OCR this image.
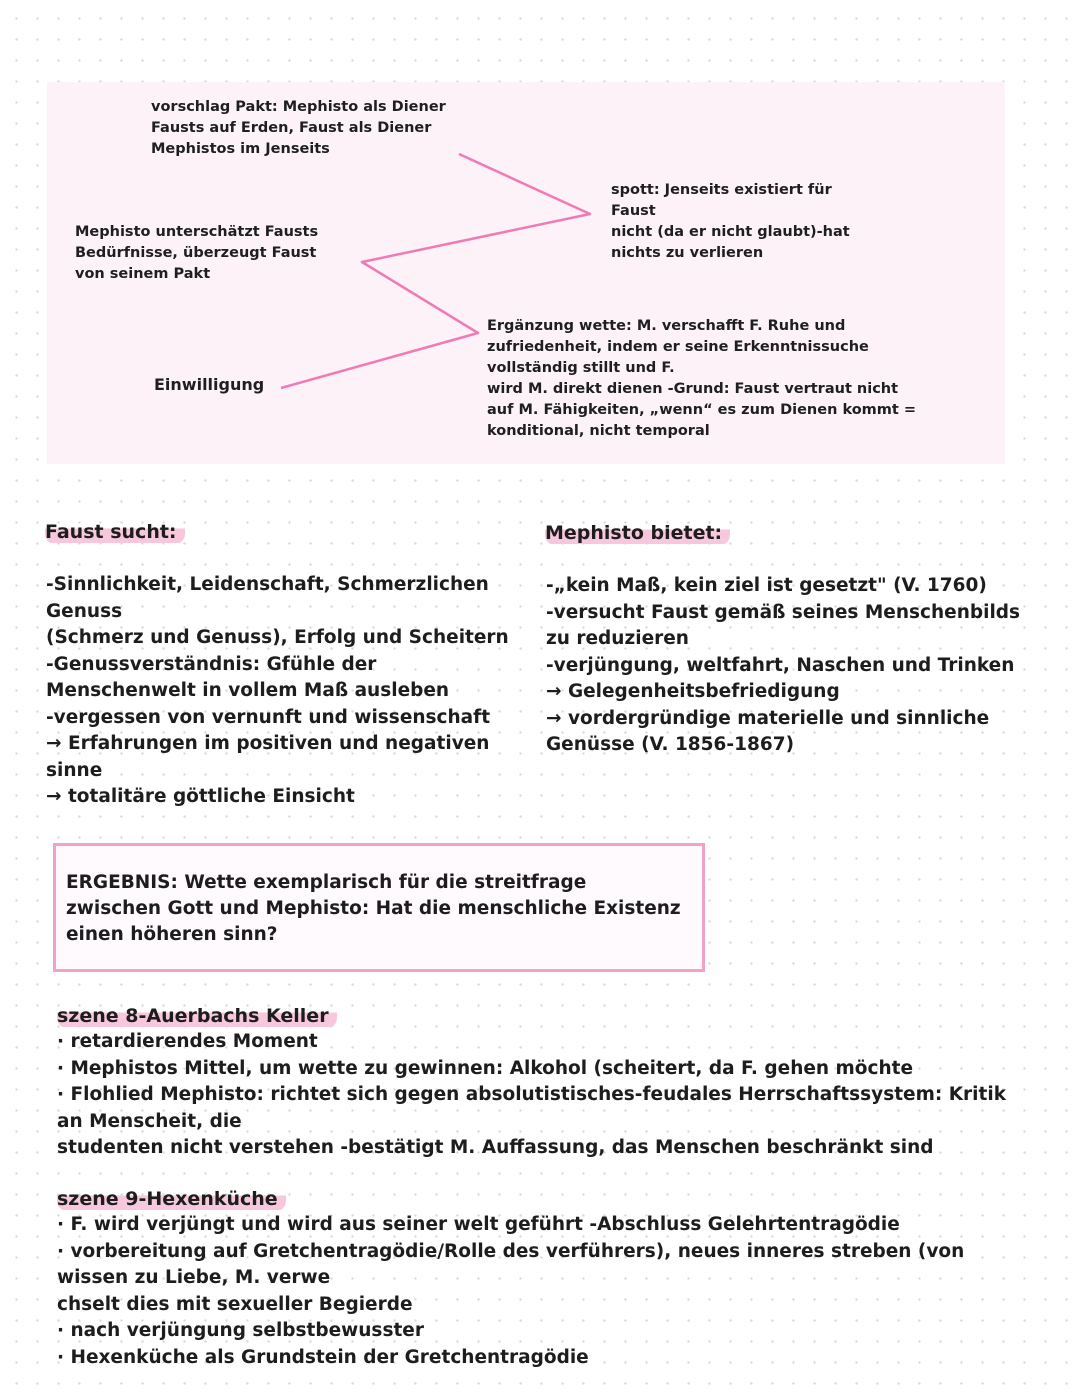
vorschlag Pakt: Mephisto als Diener
Fausts auf Erden, Faust als Diener
Mephistos im Jenseits
spott: Jenseits existiert für
Faust
nicht (da er nicht glaubt)-hat
nichts zu verlieren
Mephisto unterschätzt Fausts
Bedürfnisse, überzeugt Faust
von seinem Pakt
Ergänzung wette: M. verschafft F. Ruhe und
zufriedenheit, indem er seine Erkenntnissuche
vollständig stillt und F.
wird M. direkt dienen -Grund: Faust vertraut nicht
auf M. Fähigkeiten, „wenn“ es zum Dienen kommt =
konditional, nicht temporal
Einwilligung
Faust sucht:
-Sinnlichkeit, Leidenschaft, Schmerzlichen
Genuss
(Schmerz und Genuss), Erfolg und Scheitern
-Genussverständnis: Gfühle der
Menschenwelt in vollem Maß ausleben
-vergessen von vernunft und wissenschaft
→ Erfahrungen im positiven und negativen
sinne
→ totalitäre göttliche Einsicht
Mephisto bietet:
-„kein Maß, kein ziel ist gesetzt" (V. 1760)
-versucht Faust gemäß seines Menschenbilds
zu reduzieren
-verjüngung, weltfahrt, Naschen und Trinken
→ Gelegenheitsbefriedigung
→ vordergründige materielle und sinnliche
Genüsse (V. 1856-1867)
ERGEBNIS: Wette exemplarisch für die streitfrage
zwischen Gott und Mephisto: Hat die menschliche Existenz
einen höheren sinn?
szene 8-Auerbachs Keller
· retardierendes Moment
· Mephistos Mittel, um wette zu gewinnen: Alkohol (scheitert, da F. gehen möchte
· Flohlied Mephisto: richtet sich gegen absolutistisches-feudales Herrschaftssystem: Kritik
an Menscheit, die
studenten nicht verstehen -bestätigt M. Auffassung, das Menschen beschränkt sind
szene 9-Hexenküche
· F. wird verjüngt und wird aus seiner welt geführt -Abschluss Gelehrtentragödie
· vorbereitung auf Gretchentragödie/Rolle des verführers), neues inneres streben (von
wissen zu Liebe, M. verwe
chselt dies mit sexueller Begierde
· nach verjüngung selbstbewusster
· Hexenküche als Grundstein der Gretchentragödie
